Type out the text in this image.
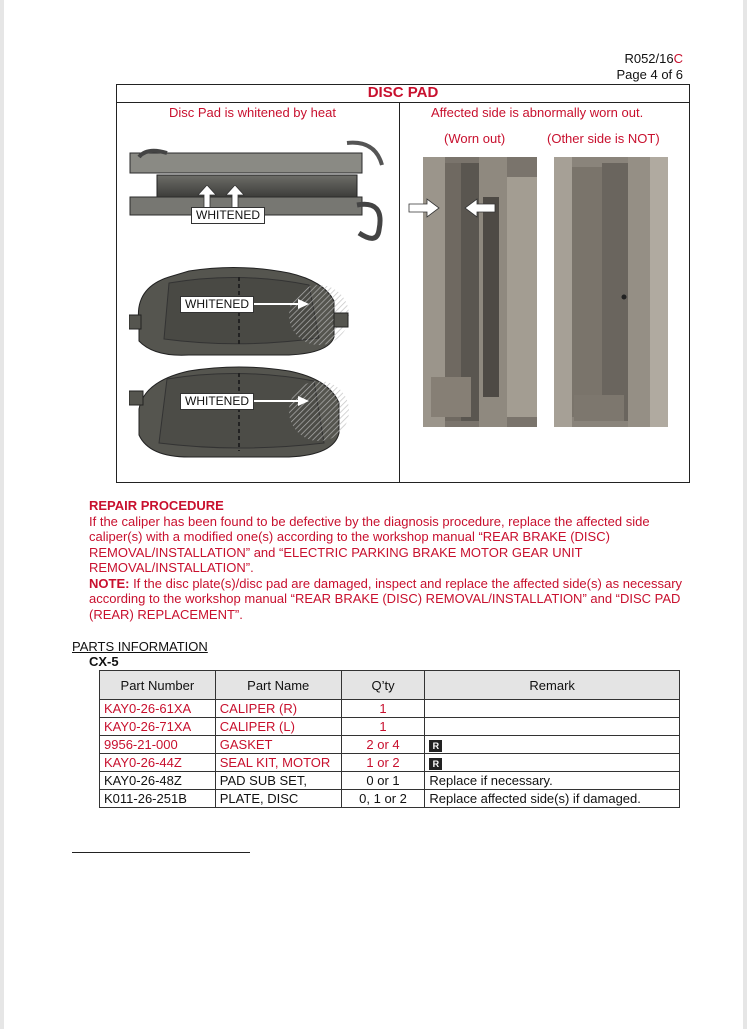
R052/16C
Page 4 of 6
DISC PAD
Disc Pad is whitened by heat	Affected side is abnormally worn out.
(Worn out)	(Other side is NOT)
WHITENED
WHITENED
WHITENED
REPAIR PROCEDURE
If the caliper has been found to be defective by the diagnosis procedure, replace the affected side caliper(s) with a modified one(s) according to the workshop manual “REAR BRAKE (DISC) REMOVAL/INSTALLATION” and “ELECTRIC PARKING BRAKE MOTOR GEAR UNIT REMOVAL/INSTALLATION”.
NOTE: If the disc plate(s)/disc pad are damaged, inspect and replace the affected side(s) as necessary according to the workshop manual “REAR BRAKE (DISC) REMOVAL/INSTALLATION” and “DISC PAD (REAR) REPLACEMENT”.
PARTS INFORMATION
CX-5
Part Number	Part Name	Q’ty	Remark
KAY0-26-61XA	CALIPER (R)	1	
KAY0-26-71XA	CALIPER (L)	1	
9956-21-000	GASKET	2 or 4	R
KAY0-26-44Z	SEAL KIT, MOTOR	1 or 2	R
KAY0-26-48Z	PAD SUB SET,	0 or 1	Replace if necessary.
K011-26-251B	PLATE, DISC	0, 1 or 2	Replace affected side(s) if damaged.
